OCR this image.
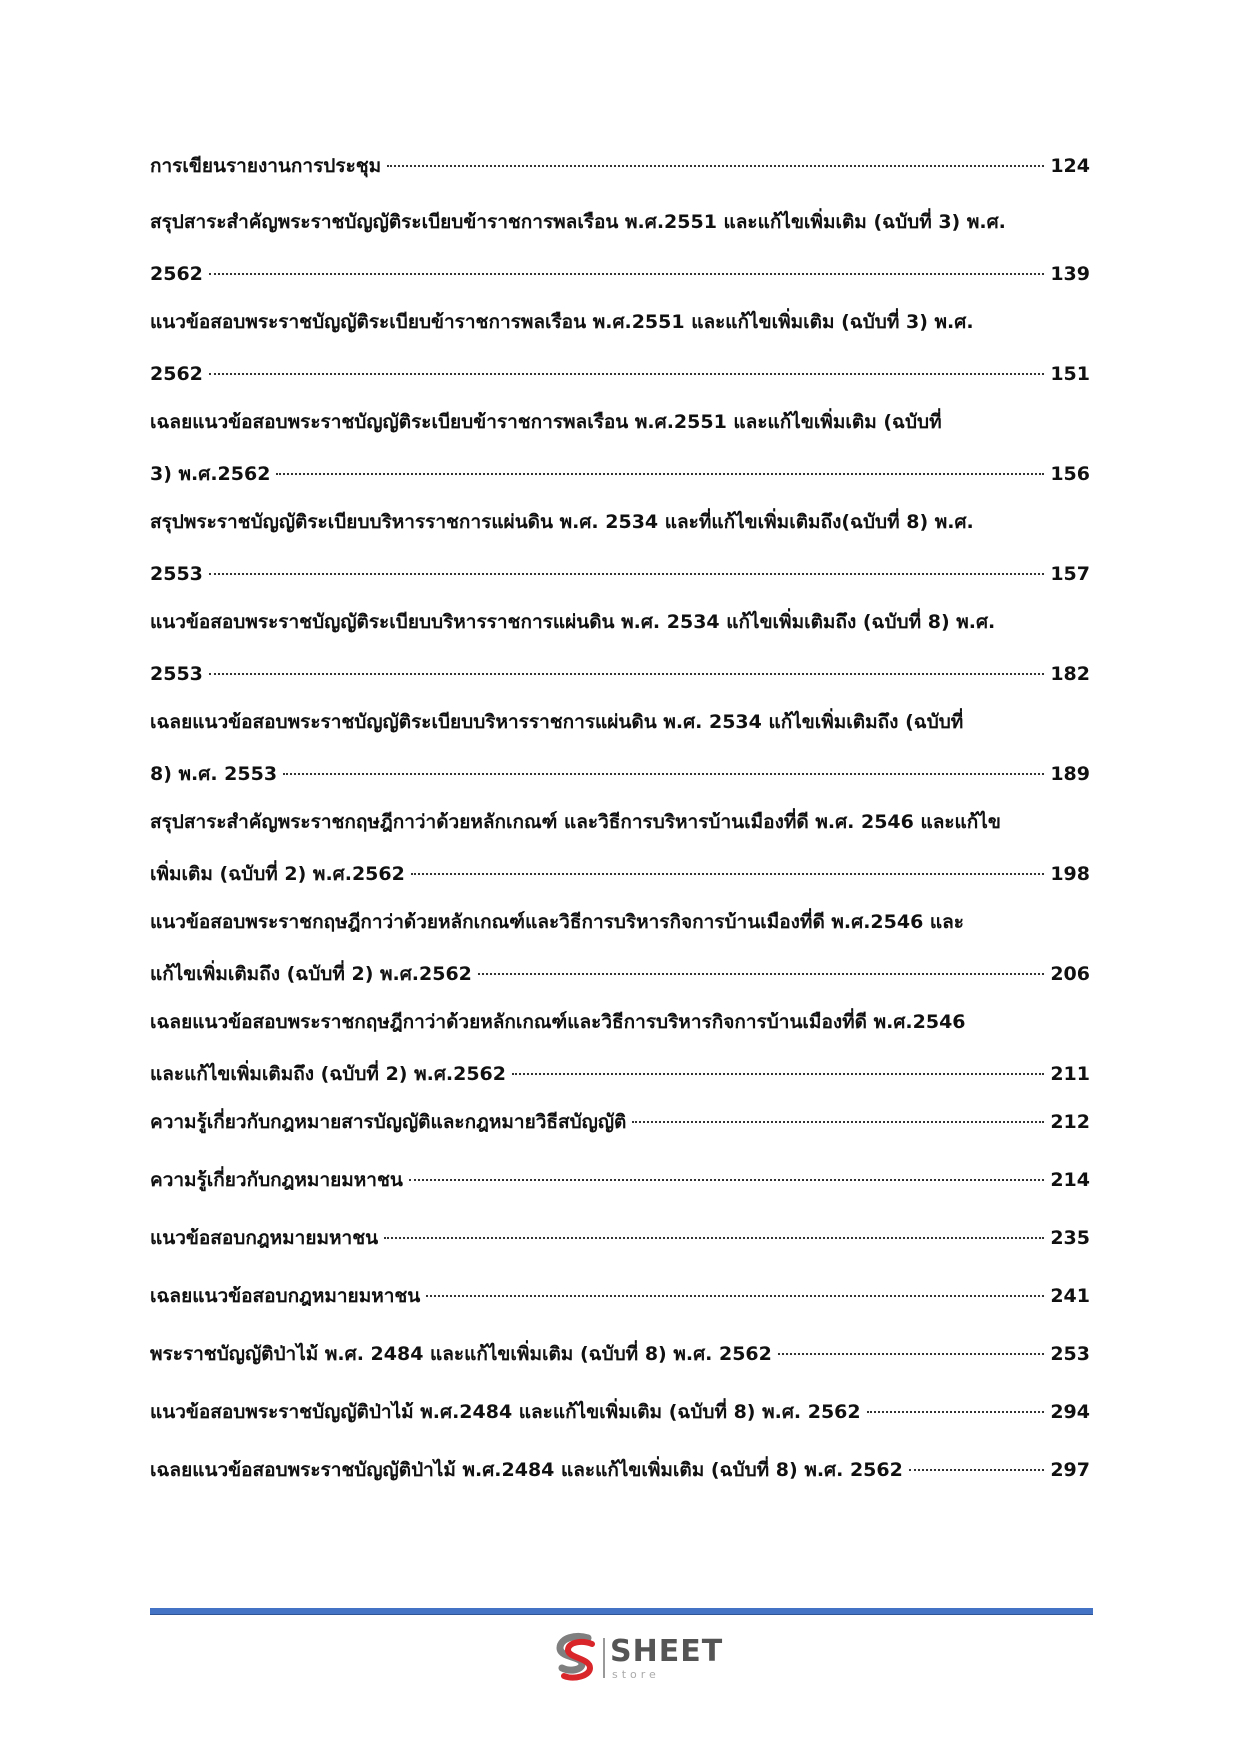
การเขียนรายงานการประชุม	124
สรุปสาระสำคัญพระราชบัญญัติระเบียบข้าราชการพลเรือน พ.ศ.2551 และแก้ไขเพิ่มเติม (ฉบับที่ 3) พ.ศ.
2562	139
แนวข้อสอบพระราชบัญญัติระเบียบข้าราชการพลเรือน พ.ศ.2551 และแก้ไขเพิ่มเติม (ฉบับที่ 3) พ.ศ.
2562	151
เฉลยแนวข้อสอบพระราชบัญญัติระเบียบข้าราชการพลเรือน พ.ศ.2551 และแก้ไขเพิ่มเติม (ฉบับที่
3) พ.ศ.2562	156
สรุปพระราชบัญญัติระเบียบบริหารราชการแผ่นดิน พ.ศ. 2534 และที่แก้ไขเพิ่มเติมถึง(ฉบับที่ 8) พ.ศ.
2553	157
แนวข้อสอบพระราชบัญญัติระเบียบบริหารราชการแผ่นดิน พ.ศ. 2534 แก้ไขเพิ่มเติมถึง (ฉบับที่ 8) พ.ศ.
2553	182
เฉลยแนวข้อสอบพระราชบัญญัติระเบียบบริหารราชการแผ่นดิน พ.ศ. 2534 แก้ไขเพิ่มเติมถึง (ฉบับที่
8) พ.ศ. 2553	189
สรุปสาระสำคัญพระราชกฤษฎีกาว่าด้วยหลักเกณฑ์ และวิธีการบริหารบ้านเมืองที่ดี พ.ศ. 2546 และแก้ไข
เพิ่มเติม (ฉบับที่ 2) พ.ศ.2562	198
แนวข้อสอบพระราชกฤษฎีกาว่าด้วยหลักเกณฑ์และวิธีการบริหารกิจการบ้านเมืองที่ดี พ.ศ.2546 และ
แก้ไขเพิ่มเติมถึง (ฉบับที่ 2) พ.ศ.2562	206
เฉลยแนวข้อสอบพระราชกฤษฎีกาว่าด้วยหลักเกณฑ์และวิธีการบริหารกิจการบ้านเมืองที่ดี พ.ศ.2546
และแก้ไขเพิ่มเติมถึง (ฉบับที่ 2) พ.ศ.2562	211
ความรู้เกี่ยวกับกฎหมายสารบัญญัติและกฎหมายวิธีสบัญญัติ	212
ความรู้เกี่ยวกับกฎหมายมหาชน	214
แนวข้อสอบกฎหมายมหาชน	235
เฉลยแนวข้อสอบกฎหมายมหาชน	241
พระราชบัญญัติป่าไม้ พ.ศ. 2484 และแก้ไขเพิ่มเติม (ฉบับที่ 8) พ.ศ. 2562	253
แนวข้อสอบพระราชบัญญัติป่าไม้ พ.ศ.2484 และแก้ไขเพิ่มเติม (ฉบับที่ 8) พ.ศ. 2562	294
เฉลยแนวข้อสอบพระราชบัญญัติป่าไม้ พ.ศ.2484 และแก้ไขเพิ่มเติม (ฉบับที่ 8) พ.ศ. 2562	297
SHEET
store
